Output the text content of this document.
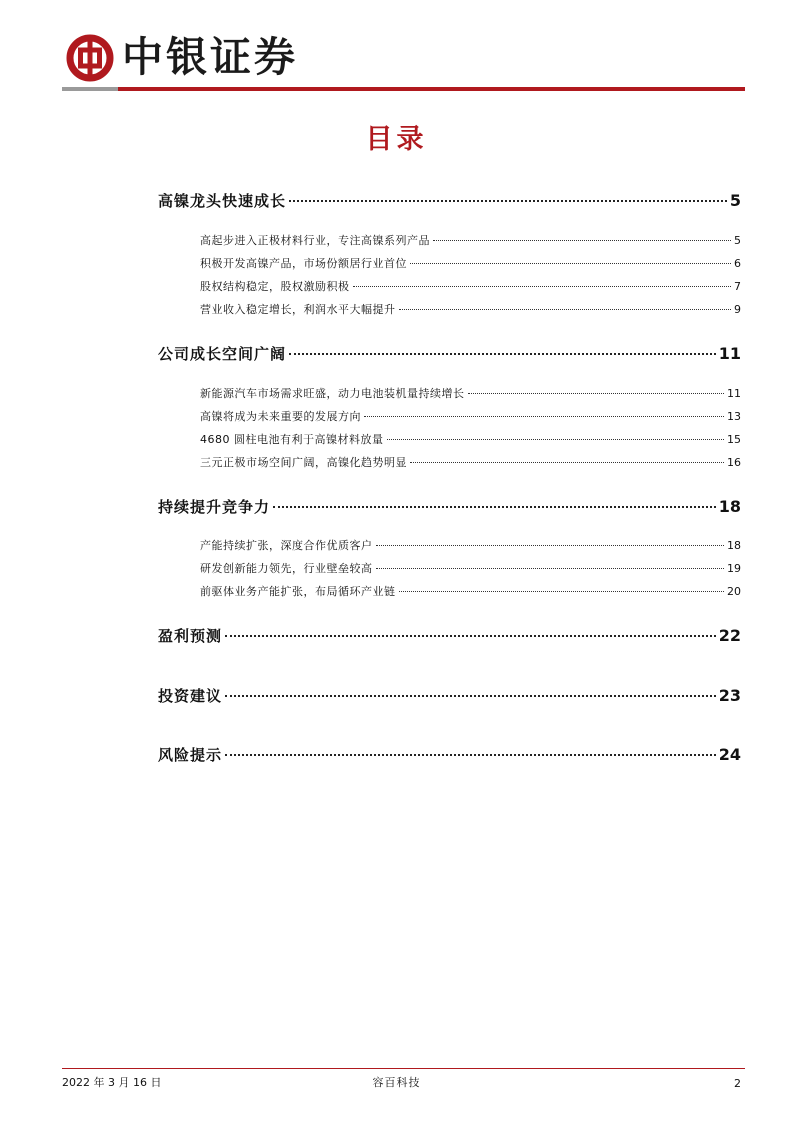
中银证券
目录
高镍龙头快速成长	5
高起步进入正极材料行业，专注高镍系列产品	5
积极开发高镍产品，市场份额居行业首位	6
股权结构稳定，股权激励积极	7
营业收入稳定增长，利润水平大幅提升	9
公司成长空间广阔	11
新能源汽车市场需求旺盛，动力电池装机量持续增长	11
高镍将成为未来重要的发展方向	13
4680 圆柱电池有利于高镍材料放量	15
三元正极市场空间广阔，高镍化趋势明显	16
持续提升竞争力	18
产能持续扩张，深度合作优质客户	18
研发创新能力领先，行业壁垒较高	19
前驱体业务产能扩张，布局循环产业链	20
盈利预测	22
投资建议	23
风险提示	24
2022 年 3 月 16 日	容百科技	2
